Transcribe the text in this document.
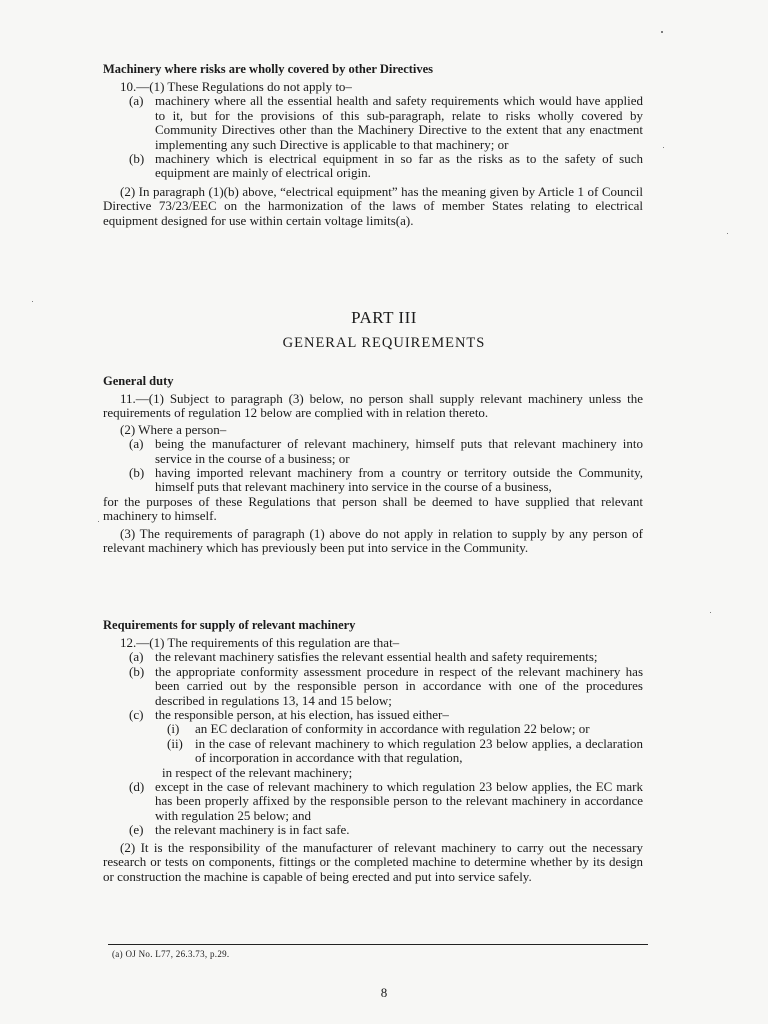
Machinery where risks are wholly covered by other Directives

10.—(1) These Regulations do not apply to–

(a) machinery where all the essential health and safety requirements which would have applied to it, but for the provisions of this sub-paragraph, relate to risks wholly covered by Community Directives other than the Machinery Directive to the extent that any enactment implementing any such Directive is applicable to that machinery; or
(b) machinery which is electrical equipment in so far as the risks as to the safety of such equipment are mainly of electrical origin.

(2) In paragraph (1)(b) above, “electrical equipment” has the meaning given by Article 1 of Council Directive 73/23/EEC on the harmonization of the laws of member States relating to electrical equipment designed for use within certain voltage limits(a).

PART III
GENERAL REQUIREMENTS
General duty

11.—(1) Subject to paragraph (3) below, no person shall supply relevant machinery unless the requirements of regulation 12 below are complied with in relation thereto.

(2) Where a person–

(a) being the manufacturer of relevant machinery, himself puts that relevant machinery into service in the course of a business; or
(b) having imported relevant machinery from a country or territory outside the Community, himself puts that relevant machinery into service in the course of a business,

for the purposes of these Regulations that person shall be deemed to have supplied that relevant machinery to himself.

(3) The requirements of paragraph (1) above do not apply in relation to supply by any person of relevant machinery which has previously been put into service in the Community.

Requirements for supply of relevant machinery

12.—(1) The requirements of this regulation are that–

(a) the relevant machinery satisfies the relevant essential health and safety requirements;
(b) the appropriate conformity assessment procedure in respect of the relevant machinery has been carried out by the responsible person in accordance with one of the procedures described in regulations 13, 14 and 15 below;
(c) the responsible person, at his election, has issued either–
(i)	an EC declaration of conformity in accordance with regulation 22 below; or
(ii) in the case of relevant machinery to which regulation 23 below applies, a declaration of incorporation in accordance with that regulation,
in respect of the relevant machinery;
(d) except in the case of relevant machinery to which regulation 23 below applies, the EC mark has been properly affixed by the responsible person to the relevant machinery in accordance with regulation 25 below; and
(e) the relevant machinery is in fact safe.

(2) It is the responsibility of the manufacturer of relevant machinery to carry out the necessary research or tests on components, fittings or the completed machine to determine whether by its design or construction the machine is capable of being erected and put into service safely.

(a) OJ No. L77, 26.3.73, p.29.
8
